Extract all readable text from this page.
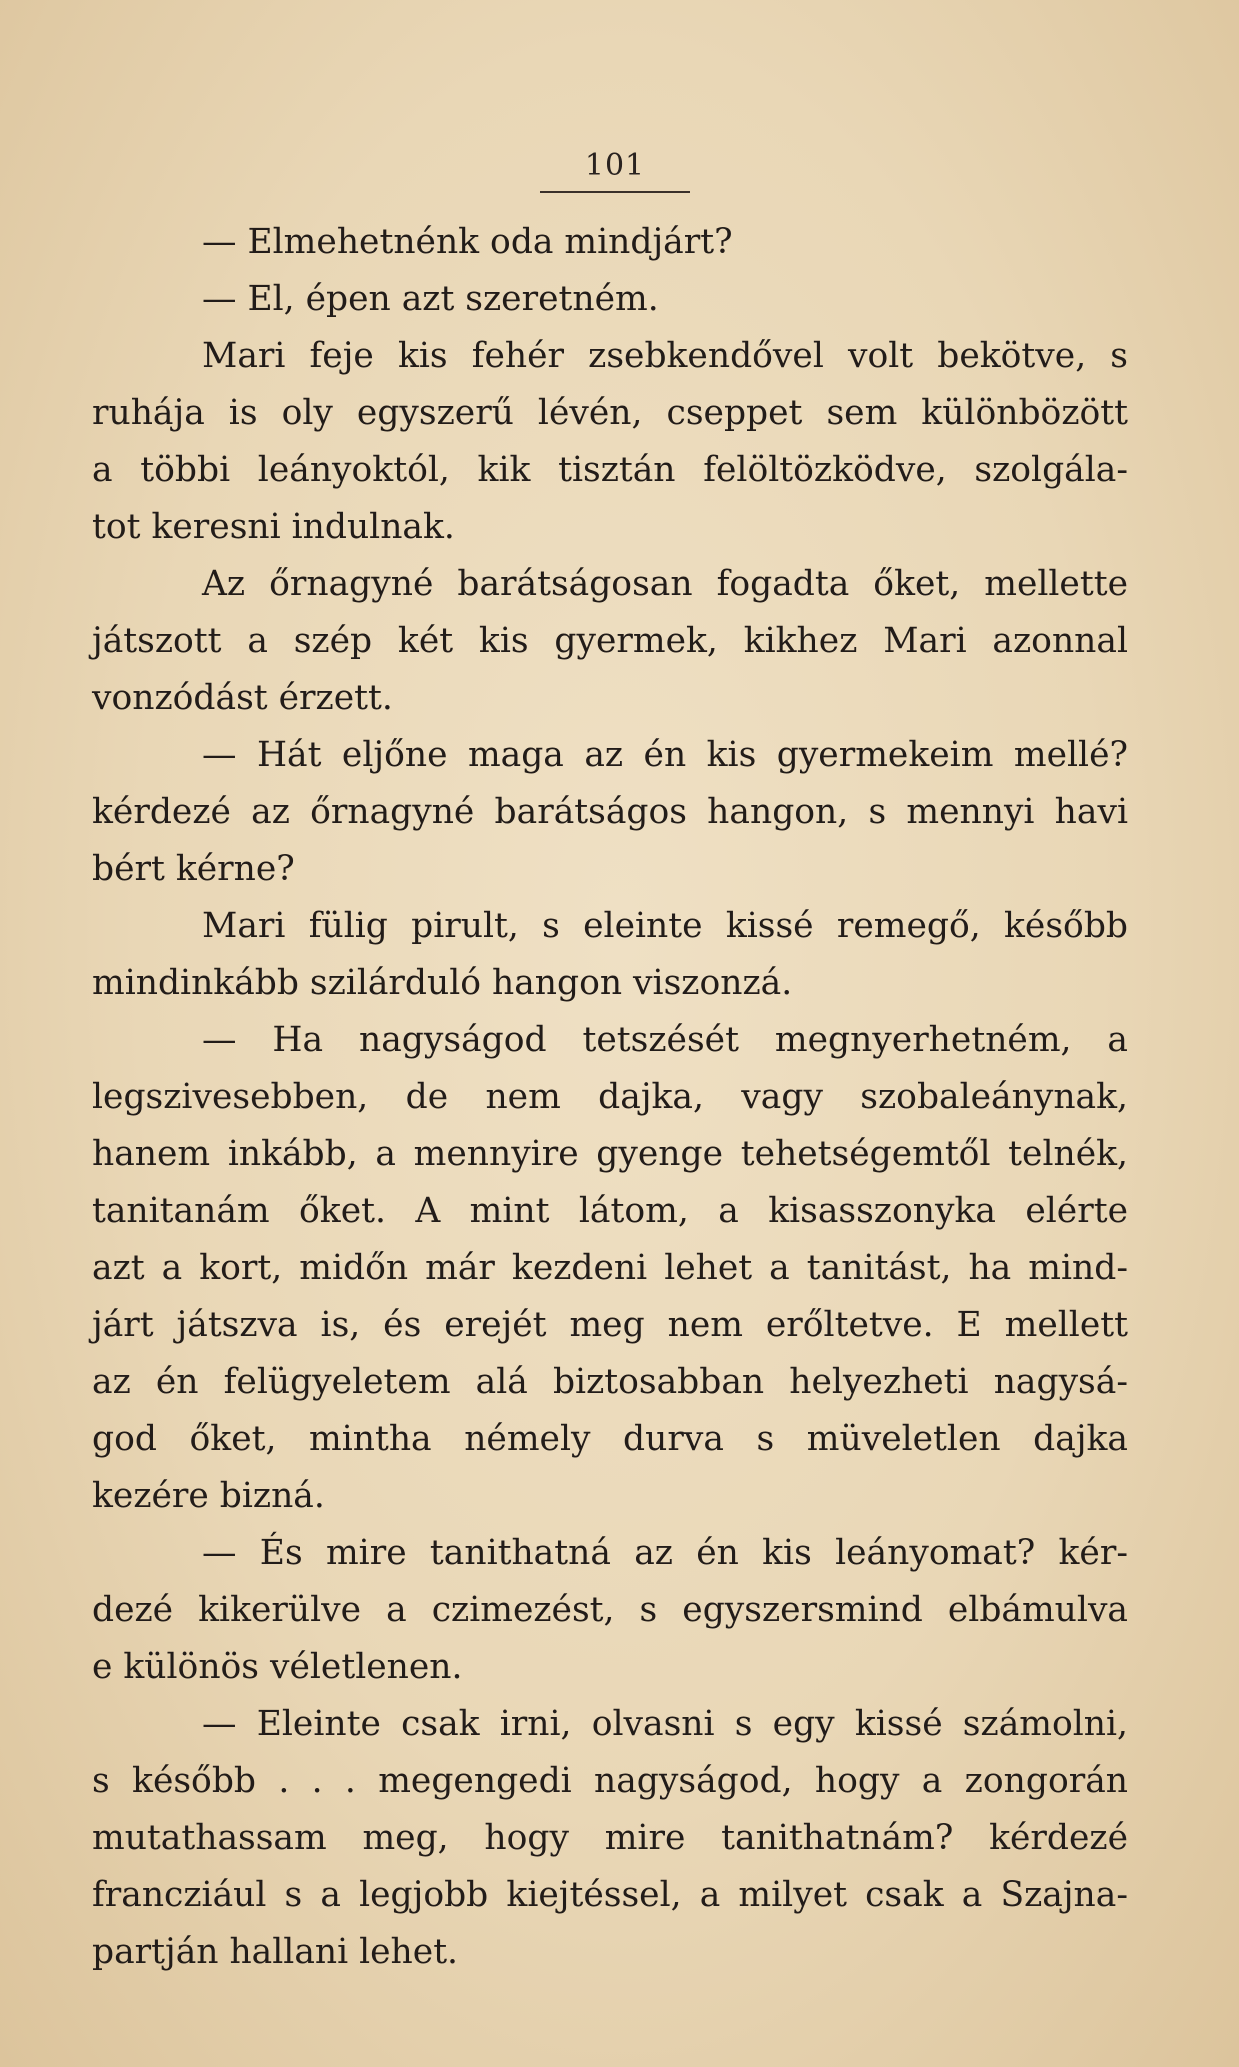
101
— Elmehetnénk oda mindjárt?
— El, épen azt szeretném.
Mari feje kis fehér zsebkendővel volt bekötve, s
ruhája is oly egyszerű lévén, cseppet sem különbözött
a többi leányoktól, kik tisztán felöltözködve, szolgála-
tot keresni indulnak.
Az őrnagyné barátságosan fogadta őket, mellette
játszott a szép két kis gyermek, kikhez Mari azonnal
vonzódást érzett.
— Hát eljőne maga az én kis gyermekeim mellé?
kérdezé az őrnagyné barátságos hangon, s mennyi havi
bért kérne?
Mari fülig pirult, s eleinte kissé remegő, később
mindinkább szilárduló hangon viszonzá.
— Ha nagyságod tetszését megnyerhetném, a
legszivesebben, de nem dajka, vagy szobaleánynak,
hanem inkább, a mennyire gyenge tehetségemtől telnék,
tanitanám őket. A mint látom, a kisasszonyka elérte
azt a kort, midőn már kezdeni lehet a tanitást, ha mind-
járt játszva is, és erejét meg nem erőltetve. E mellett
az én felügyeletem alá biztosabban helyezheti nagysá-
god őket, mintha némely durva s müveletlen dajka
kezére bizná.
— És mire tanithatná az én kis leányomat? kér-
dezé kikerülve a czimezést, s egyszersmind elbámulva
e különös véletlenen.
— Eleinte csak irni, olvasni s egy kissé számolni,
s később . . . megengedi nagyságod, hogy a zongorán
mutathassam meg, hogy mire tanithatnám? kérdezé
francziául s a legjobb kiejtéssel, a milyet csak a Szajna-
partján hallani lehet.
